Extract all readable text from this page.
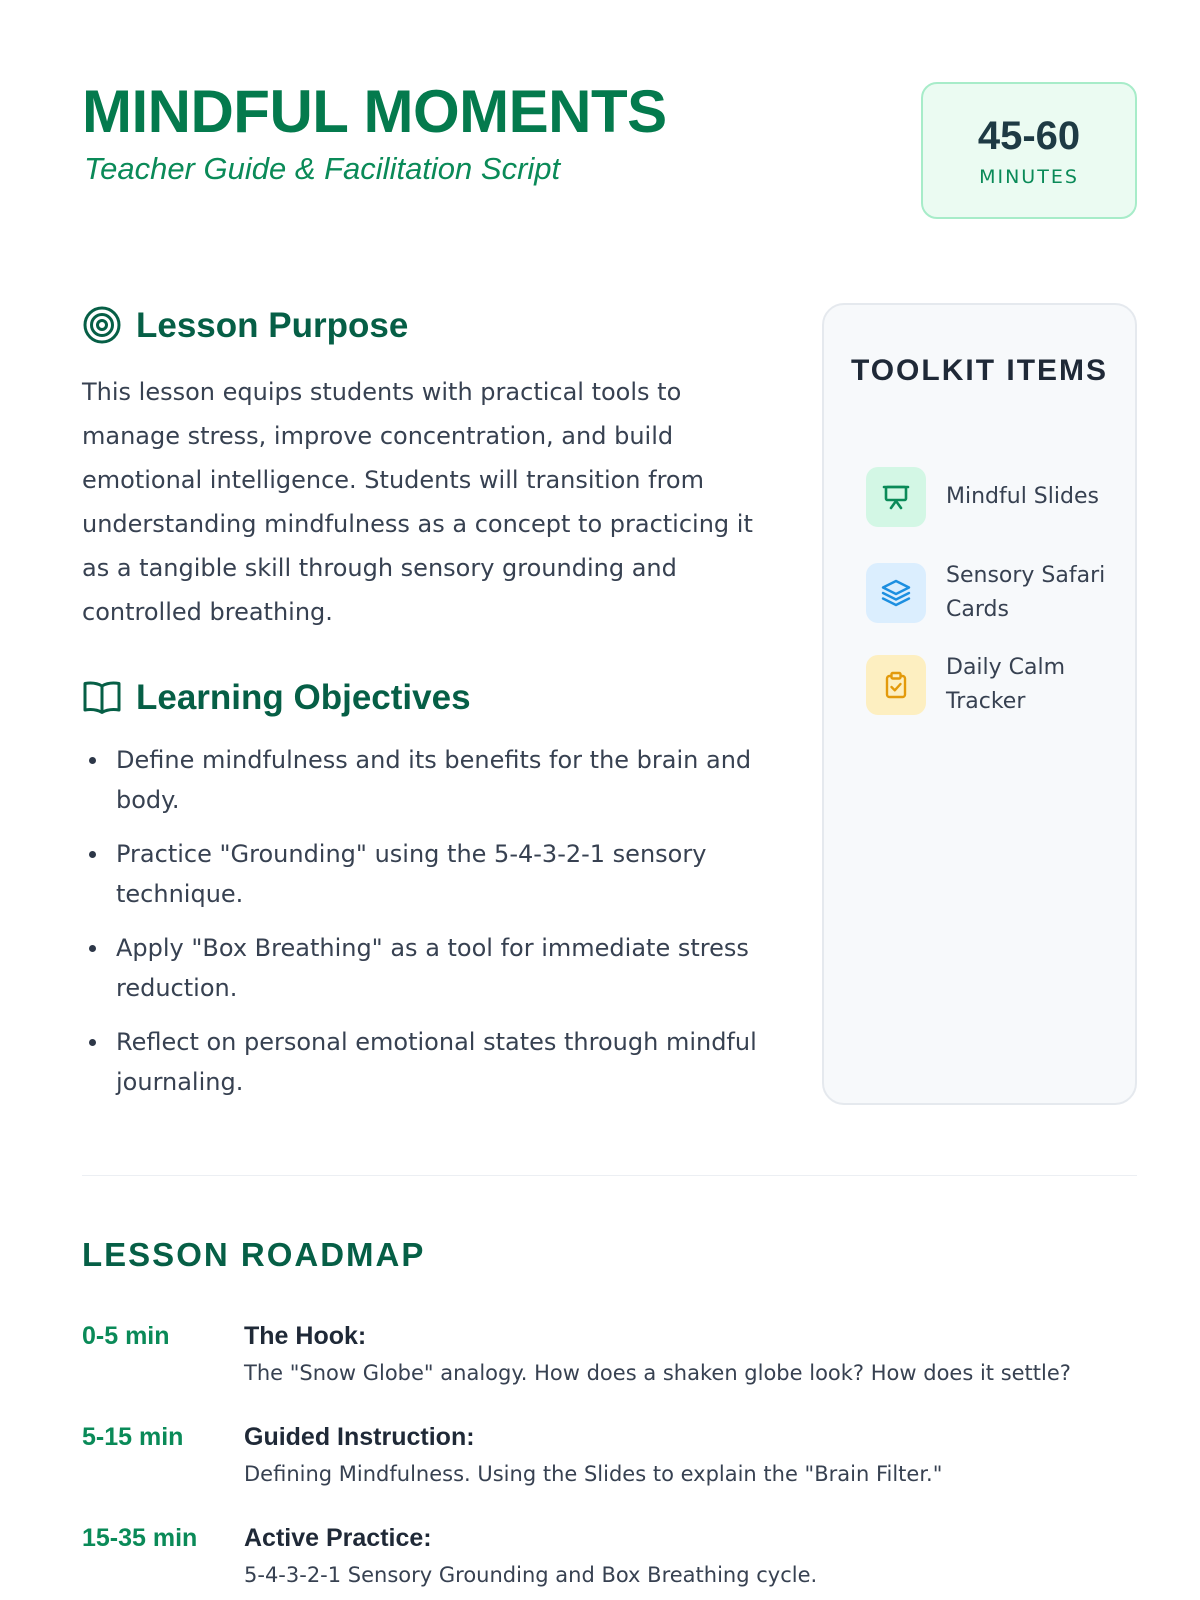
MINDFUL MOMENTS
Teacher Guide & Facilitation Script
45-60
MINUTES
Lesson Purpose

This lesson equips students with practical tools to manage stress, improve concentration, and build emotional intelligence. Students will transition from understanding mindfulness as a concept to practicing it as a tangible skill through sensory grounding and controlled breathing.

Learning Objectives
Define mindfulness and its benefits for the brain and body.
Practice "Grounding" using the 5-4-3-2-1 sensory technique.
Apply "Box Breathing" as a tool for immediate stress reduction.
Reflect on personal emotional states through mindful journaling.
TOOLKIT ITEMS
Mindful Slides
Sensory Safari Cards
Daily Calm Tracker
LESSON ROADMAP
0-5 min	The Hook:
The "Snow Globe" analogy. How does a shaken globe look? How does it settle?
5-15 min Guided Instruction:
Defining Mindfulness. Using the Slides to explain the "Brain Filter."
15-35 min Active Practice:
5-4-3-2-1 Sensory Grounding and Box Breathing cycle.
